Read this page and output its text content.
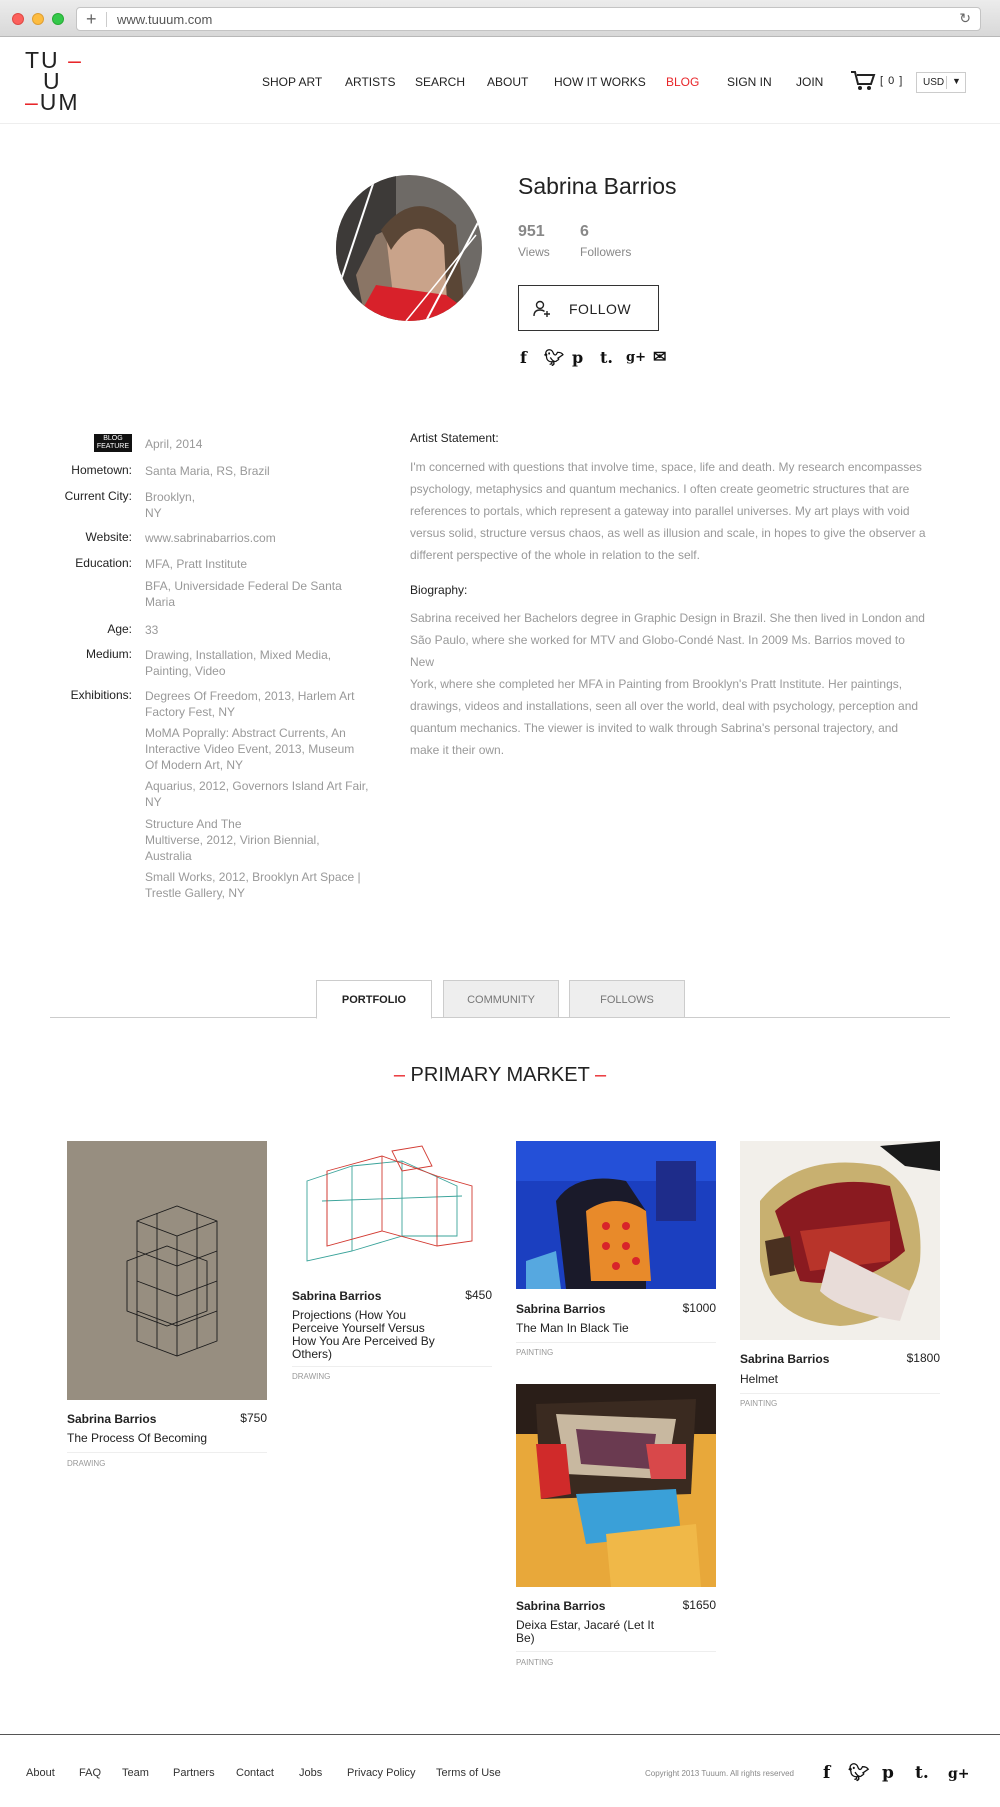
+ www.tuuum.com	↻
TU –
U
–UM
SHOP ART ARTISTS SEARCH ABOUT HOW IT WORKS BLOG SIGN IN JOIN	[ 0 ] USD ▼
Sabrina Barrios
951
Views
6
Followers
FOLLOW
f 🐦︎ p t. g+ ✉
BLOG
FEATURE April, 2014
Hometown: Santa Maria, RS, Brazil
Current City: Brooklyn,
NY
Website: www.sabrinabarrios.com
Education: MFA, Pratt Institute
BFA, Universidade Federal De Santa
Maria
Age: 33
Medium: Drawing, Installation, Mixed Media,
Painting, Video
Exhibitions: Degrees Of Freedom, 2013, Harlem Art
Factory Fest, NY
MoMA Poprally: Abstract Currents, An
Interactive Video Event, 2013, Museum
Of Modern Art, NY
Aquarius, 2012, Governors Island Art Fair,
NY
Structure And The
Multiverse, 2012, Virion Biennial,
Australia
Small Works, 2012, Brooklyn Art Space |
Trestle Gallery, NY
Artist Statement:
I'm concerned with questions that involve time, space, life and death. My research encompasses
psychology, metaphysics and quantum mechanics. I often create geometric structures that are
references to portals, which represent a gateway into parallel universes. My art plays with void
versus solid, structure versus chaos, as well as illusion and scale, in hopes to give the observer a
different perspective of the whole in relation to the self.
Biography:
Sabrina received her Bachelors degree in Graphic Design in Brazil. She then lived in London and
São Paulo, where she worked for MTV and Globo-Condé Nast. In 2009 Ms. Barrios moved to New
York, where she completed her MFA in Painting from Brooklyn's Pratt Institute. Her paintings,
drawings, videos and installations, seen all over the world, deal with psychology, perception and
quantum mechanics. The viewer is invited to walk through Sabrina's personal trajectory, and
make it their own.
PORTFOLIO	COMMUNITY	FOLLOWS
– PRIMARY MARKET –
Sabrina Barrios	$750
The Process Of Becoming
DRAWING
Sabrina Barrios	$450
Projections (How You
Perceive Yourself Versus
How You Are Perceived By
Others)
DRAWING
Sabrina Barrios	$1000
The Man In Black Tie
PAINTING	Sabrina Barrios	$1800
Helmet
PAINTING
Sabrina Barrios	$1650
Deixa Estar, Jacaré (Let It
Be)
PAINTING
About FAQ Team Partners Contact Jobs Privacy Policy Terms of Use	Copyright 2013 Tuuum. All rights reserved f 🐦︎ p t. g+
